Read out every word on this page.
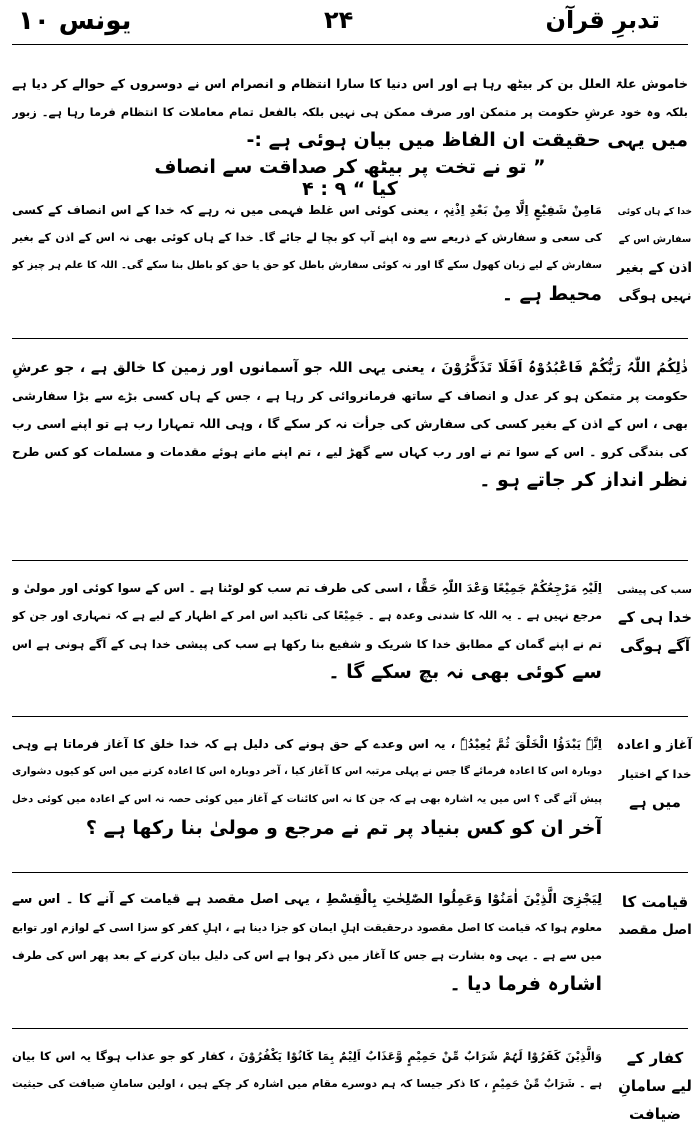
یونس ۱۰	۲۴	تدبرِ قرآن
خاموش علۃ العلل بن کر بیٹھ رہا ہے اور اس دنیا کا سارا انتظام و انصرام اس نے دوسروں کے حوالے کر دیا ہے
بلکہ وہ خود عرشِ حکومت پر متمکن اور صرف ممکن ہی نہیں بلکہ بالفعل تمام معاملات کا انتظام فرما رہا ہے۔ زبور
میں یہی حقیقت ان الفاظ میں بیان ہوئی ہے :-
” تو نے تخت پر بیٹھ کر صداقت سے انصاف کیا “ ۹ : ۴
خدا کے ہاں کوئی
سفارش اس کے
اذن کے بغیر
نہیں ہوگی
مَامِنْ شَفِیْعٍ اِلَّا مِنْ بَعْدِ اِذْنِہٖ ، یعنی کوئی اس غلط فہمی میں نہ رہے کہ خدا کے اس انصاف کے کسی
کی سعی و سفارش کے ذریعے سے وہ اپنے آپ کو بچا لے جائے گا۔ خدا کے ہاں کوئی بھی نہ اس کے اذن کے بغیر
سفارش کے لیے زبان کھول سکے گا اور نہ کوئی سفارش باطل کو حق یا حق کو باطل بنا سکے گی۔ اللہ کا علم ہر چیز کو
محیط ہے ۔
ذٰلِکُمُ اللّٰہُ رَبُّکُمْ فَاعْبُدُوْہُ اَفَلَا تَذَکَّرُوْنَ ، یعنی یہی اللہ جو آسمانوں اور زمین کا خالق ہے ، جو عرشِ
حکومت پر متمکن ہو کر عدل و انصاف کے ساتھ فرمانروائی کر رہا ہے ، جس کے ہاں کسی بڑے سے بڑا سفارشی
بھی ، اس کے اذن کے بغیر کسی کی سفارش کی جرأت نہ کر سکے گا ، وہی اللہ تمہارا رب ہے تو اپنے اسی رب
کی بندگی کرو ۔ اس کے سوا تم نے اور رب کہاں سے گھڑ لیے ، تم اپنے مانے ہوئے مقدمات و مسلمات کو کس طرح
نظر انداز کر جاتے ہو ۔
سب کی پیشی
خدا ہی کے
آگے ہوگی
اِلَیْہِ مَرْجِعُکُمْ جَمِیْعًا وَعْدَ اللّٰہِ حَقًّا ، اسی کی طرف تم سب کو لوٹنا ہے ۔ اس کے سوا کوئی اور مولیٰ و
مرجع نہیں ہے ۔ یہ اللہ کا شدنی وعدہ ہے ۔ جَمِیْعًا کی تاکید اس امر کے اظہار کے لیے ہے کہ تمہاری اور جن کو
تم نے اپنے گمان کے مطابق خدا کا شریک و شفیع بنا رکھا ہے سب کی پیشی خدا ہی کے آگے ہونی ہے اس
سے کوئی بھی نہ بچ سکے گا ۔
آغاز و اعادہ
خدا کے اختیار
میں ہے
اِنَّہٗ یَبْدَؤُا الْخَلْقَ ثُمَّ یُعِیْدُہٗ ، یہ اس وعدے کے حق ہونے کی دلیل ہے کہ خدا خلق کا آغاز فرماتا ہے وہی
دوبارہ اس کا اعادہ فرمائے گا جس نے پہلی مرتبہ اس کا آغاز کیا ، آخر دوبارہ اس کا اعادہ کرنے میں اس کو کیوں دشواری
پیش آئے گی ؟ اس میں یہ اشارہ بھی ہے کہ جن کا نہ اس کائنات کے آغاز میں کوئی حصہ نہ اس کے اعادہ میں کوئی دخل
آخر ان کو کس بنیاد پر تم نے مرجع و مولیٰ بنا رکھا ہے ؟
قیامت کا
اصل مقصد
لِیَجْزِیَ الَّذِیْنَ اٰمَنُوْا وَعَمِلُوا الصّٰلِحٰتِ بِالْقِسْطِ ، یہی اصل مقصد ہے قیامت کے آنے کا ۔ اس سے
معلوم ہوا کہ قیامت کا اصل مقصود درحقیقت اہلِ ایمان کو جزا دینا ہے ، اہلِ کفر کو سزا اسی کے لوازم اور توابع
میں سے ہے ۔ یہی وہ بشارت ہے جس کا آغاز میں ذکر ہوا ہے اس کی دلیل بیان کرنے کے بعد پھر اس کی طرف
اشارہ فرما دیا ۔
کفار کے
لیے سامانِ
ضیافت
وَالَّذِیْنَ کَفَرُوْا لَہُمْ شَرَابٌ مِّنْ حَمِیْمٍ وَّعَذَابٌ اَلِیْمٌ بِمَا کَانُوْا یَکْفُرُوْنَ ، کفار کو جو عذاب ہوگا یہ اس کا بیان
ہے ۔ شَرَابٌ مِّنْ حَمِیْمٍ ، کا ذکر جیسا کہ ہم دوسرے مقام میں اشارہ کر چکے ہیں ، اولین سامانِ ضیافت کی حیثیت
